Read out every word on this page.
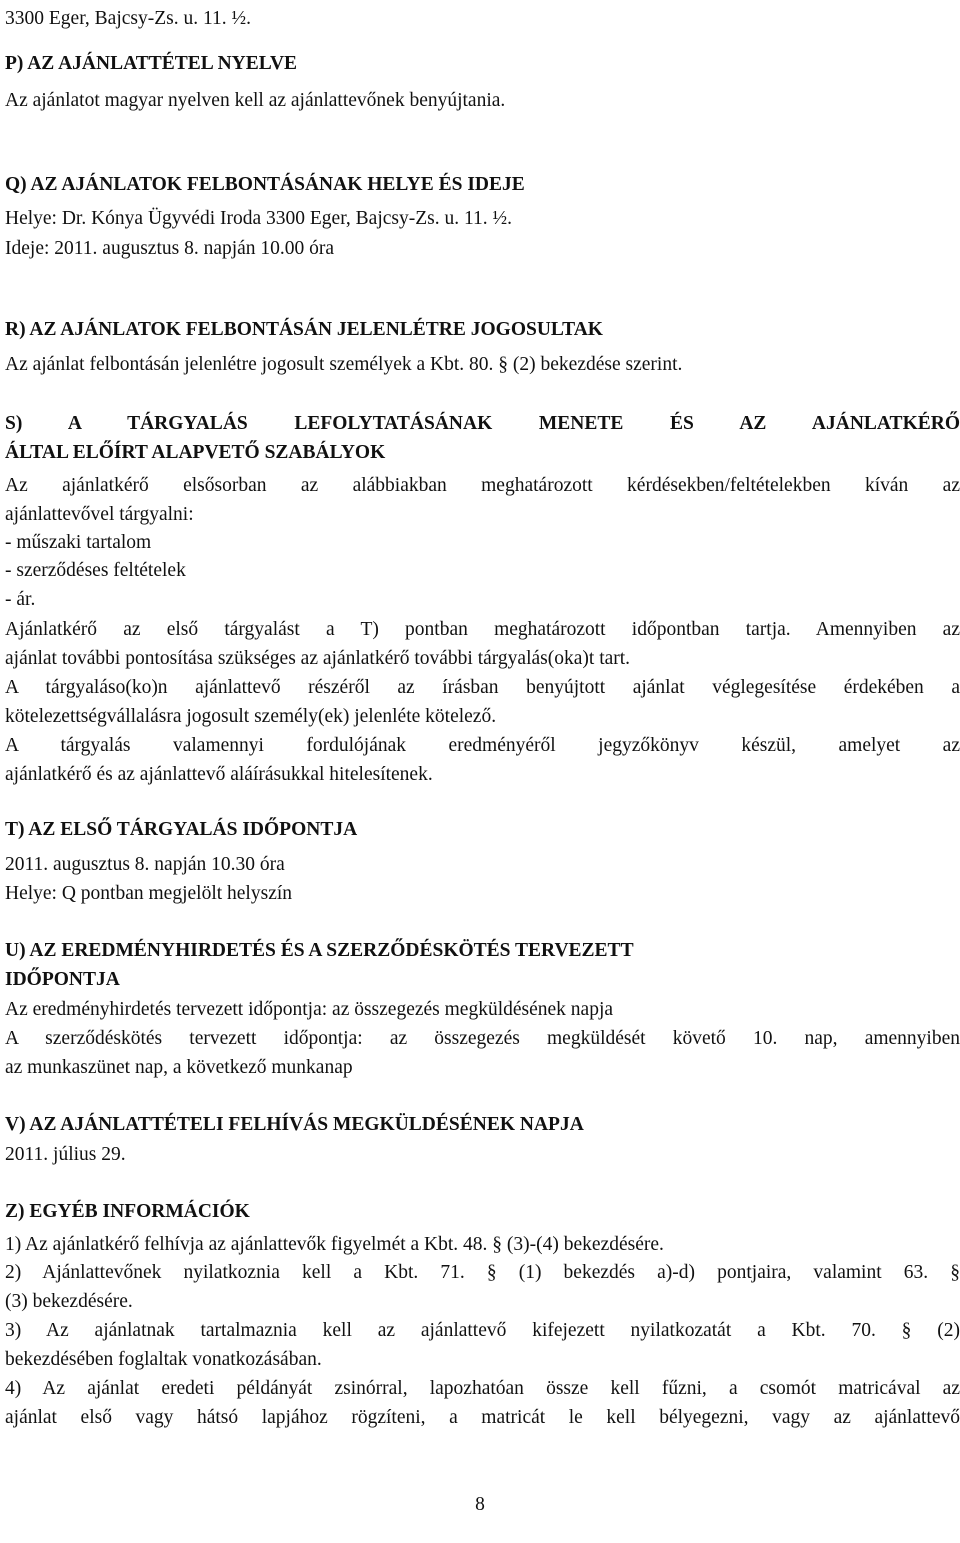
3300 Eger, Bajcsy-Zs. u. 11. ½.
P) AZ AJÁNLATTÉTEL NYELVE
Az ajánlatot magyar nyelven kell az ajánlattevőnek benyújtania.
Q) AZ AJÁNLATOK FELBONTÁSÁNAK HELYE ÉS IDEJE
Helye: Dr. Kónya Ügyvédi Iroda 3300 Eger, Bajcsy-Zs. u. 11. ½.
Ideje: 2011. augusztus 8. napján 10.00 óra
R) AZ AJÁNLATOK FELBONTÁSÁN JELENLÉTRE JOGOSULTAK
Az ajánlat felbontásán jelenlétre jogosult személyek a Kbt. 80. § (2) bekezdése szerint.
S) A TÁRGYALÁS LEFOLYTATÁSÁNAK MENETE ÉS AZ AJÁNLATKÉRŐ
ÁLTAL ELŐÍRT ALAPVETŐ SZABÁLYOK
Az ajánlatkérő elsősorban az alábbiakban meghatározott kérdésekben/feltételekben kíván az
ajánlattevővel tárgyalni:
- műszaki tartalom
- szerződéses feltételek
- ár.
Ajánlatkérő az első tárgyalást a T) pontban meghatározott időpontban tartja. Amennyiben az
ajánlat további pontosítása szükséges az ajánlatkérő további tárgyalás(oka)t tart.
A tárgyaláso(ko)n ajánlattevő részéről az írásban benyújtott ajánlat véglegesítése érdekében a
kötelezettségvállalásra jogosult személy(ek) jelenléte kötelező.
A tárgyalás valamennyi fordulójának eredményéről jegyzőkönyv készül, amelyet az
ajánlatkérő és az ajánlattevő aláírásukkal hitelesítenek.
T) AZ ELSŐ TÁRGYALÁS IDŐPONTJA
2011. augusztus 8. napján 10.30 óra
Helye: Q pontban megjelölt helyszín
U) AZ EREDMÉNYHIRDETÉS ÉS A SZERZŐDÉSKÖTÉS TERVEZETT
IDŐPONTJA
Az eredményhirdetés tervezett időpontja: az összegezés megküldésének napja
A szerződéskötés tervezett időpontja: az összegezés megküldését követő 10. nap, amennyiben
az munkaszünet nap, a következő munkanap
V) AZ AJÁNLATTÉTELI FELHÍVÁS MEGKÜLDÉSÉNEK NAPJA
2011. július 29.
Z) EGYÉB INFORMÁCIÓK
1) Az ajánlatkérő felhívja az ajánlattevők figyelmét a Kbt. 48. § (3)-(4) bekezdésére.
2) Ajánlattevőnek nyilatkoznia kell a Kbt. 71. § (1) bekezdés a)-d) pontjaira, valamint 63. §
(3) bekezdésére.
3) Az ajánlatnak tartalmaznia kell az ajánlattevő kifejezett nyilatkozatát a Kbt. 70. § (2)
bekezdésében foglaltak vonatkozásában.
4) Az ajánlat eredeti példányát zsinórral, lapozhatóan össze kell fűzni, a csomót matricával az
ajánlat első vagy hátsó lapjához rögzíteni, a matricát le kell bélyegezni, vagy az ajánlattevő
8
